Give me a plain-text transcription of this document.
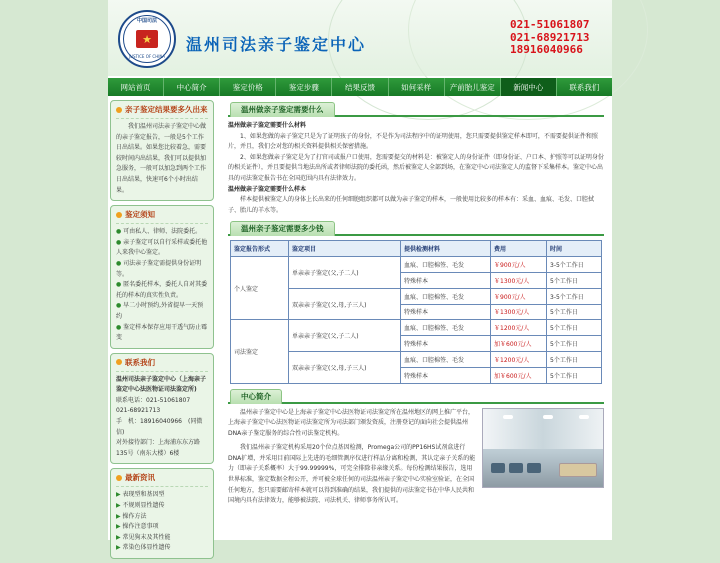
中国司法
★
JUSTICE OF CHINA
温州司法亲子鉴定中心
021-51061807
021-68921713
18916040966
网站首页	中心简介	鉴定价格	鉴定步骤	结果反馈	如何采样	产前胎儿鉴定	新闻中心	联系我们
亲子鉴定结果要多久出来
我们温州司法亲子鉴定中心做的亲子鉴定报告，一般是5个工作日出结果。如果您比较着急，需要较时间内出结果，我们可以提供加急服务，一般可以加急到两个工作日出结果，快速可6个小时出结果。
鉴定须知
● 可由私人、律师、法院委托。
● 亲子鉴定可以自行采样或委托他人来我中心鉴定。
● 司法亲子鉴定需提供身份证明等。
● 匿名委托样本，委托人自对其委托的样本的真实性负责。
● 早二小时预约,外省提早一天预约
● 鉴定样本保存应用干透气防止霉变
联系我们
温州司法亲子鉴定中心（上海亲子鉴定中心法医物证司法鉴定所)
联系电话：021-51061807　021-68921713
手　机：18916040966　(同微信)
对外接待部门：上海浦东东方路135号（南东大楼）6楼
最新资讯
▶ 表现型和基因型
▶ 不规则显性遗传
▶ 操作方法
▶ 操作注意事项
▶ 常见狗末及其性能
▶ 常染色体显性遗传
温州做亲子鉴定需要什么
温州做亲子鉴定需要什么材料
1、如果您做的亲子鉴定只是为了证明孩子的身份，不是作为司法程序中的证明使用，您只需要提供鉴定样本即可，不需要提供证件和照片，并且，我们会对您的相关资料提供相关保密措施。
2、如果您做亲子鉴定是为了打官司或报户口使用，您需要提交的材料是：被鉴定人的身份证件（即身份证、户口本、护照等可以证明身份的相关证件），并且要提供当地法出所或者律师法院的委托函，然后被鉴定人全部到场，在鉴定中心司法鉴定人的监督下采集样本。鉴定中心出具的司法鉴定报告书在全国范围内具有法律效力。
温州做亲子鉴定需要什么样本
样本提供被鉴定人的身体上长出来的任何细胞组织都可以做为亲子鉴定的样本，一般使用比较多的样本有：采血、血痕、毛发、口腔拭子、胎儿的羊水等。
温州亲子鉴定需要多少钱
鉴定报告形式	鉴定项目	提供检测材料	费用	时间
个人鉴定	单亲亲子鉴定(父,子二人)	血痕、口腔棉签、毛发	￥900元/人	3-5个工作日
		特殊样本	￥1300元/人	5个工作日
	双亲亲子鉴定(父,母,子三人)	血痕、口腔棉签、毛发	￥900元/人	3-5个工作日
		特殊样本	￥1300元/人	5个工作日
司法鉴定	单亲亲子鉴定(父,子二人)	血痕、口腔棉签、毛发	￥1200元/人	5个工作日
		特殊样本	加￥600元/人	5个工作日
	双亲亲子鉴定(父,母,子三人)	血痕、口腔棉签、毛发	￥1200元/人	5个工作日
		特殊样本	加￥600元/人	5个工作日
中心简介
温州亲子鉴定中心是上海亲子鉴定中心法医物证司法鉴定所在温州地区的网上推广平台，上海亲子鉴定中心法医物证司法鉴定所为司法部门颁发资质，注册登记的面向社会提供温州DNA亲子鉴定服务的综合性司法鉴定机构。
我们温州亲子鉴定机构采用20个位点基因检测，Promega公司的PP16HS试剂盒进行DNA扩增，并采用目前国际上先进的毛细管测序仪进行样品分离和检测，其认定亲子关系的能力（即亲子关系概率）大于99.99999%，可完全排除非亲缘关系。每份检测结果报告，选用世界标准，鉴定数据全程公开，并可被全球任何的司法温州亲子鉴定中心实验室验证，在全国任何地方，您只需要邮寄样本就可以得到准确的结果，我们提供的司法鉴定书在中华人民共和国境内具有法律效力，能够被法院、司法机关、律师事务所认可。
